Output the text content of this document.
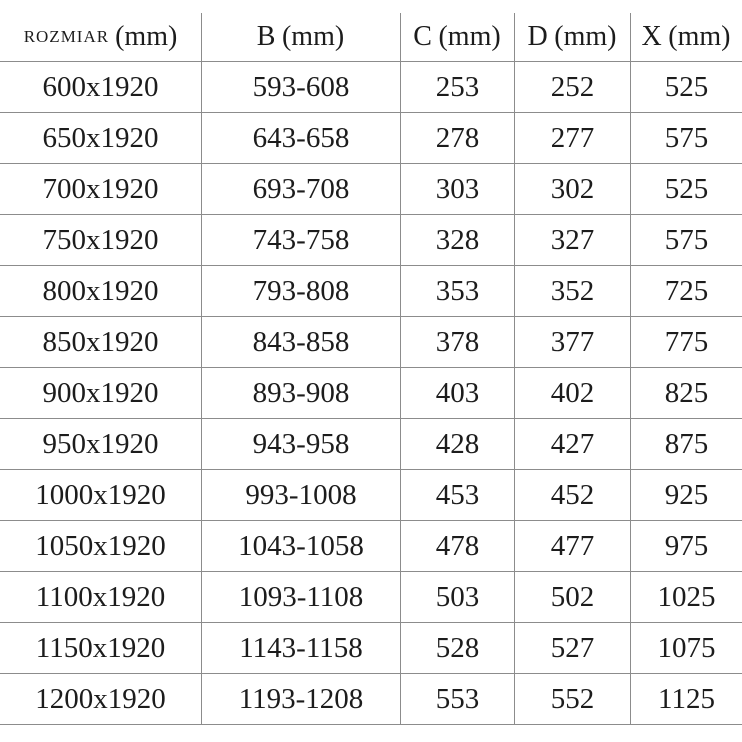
ROZMIAR (mm)	B (mm) C (mm) D (mm) X (mm)
600x1920	593-608	253	252	525
650x1920	643-658	278	277	575
700x1920	693-708	303	302	525
750x1920	743-758	328	327	575
800x1920	793-808	353	352	725
850x1920	843-858	378	377	775
900x1920	893-908	403	402	825
950x1920	943-958	428	427	875
1000x1920	993-1008	453	452	925
1050x1920	1043-1058	478	477	975
1100x1920	1093-1108	503	502	1025
1150x1920	1143-1158	528	527	1075
1200x1920	1193-1208	553	552	1125
